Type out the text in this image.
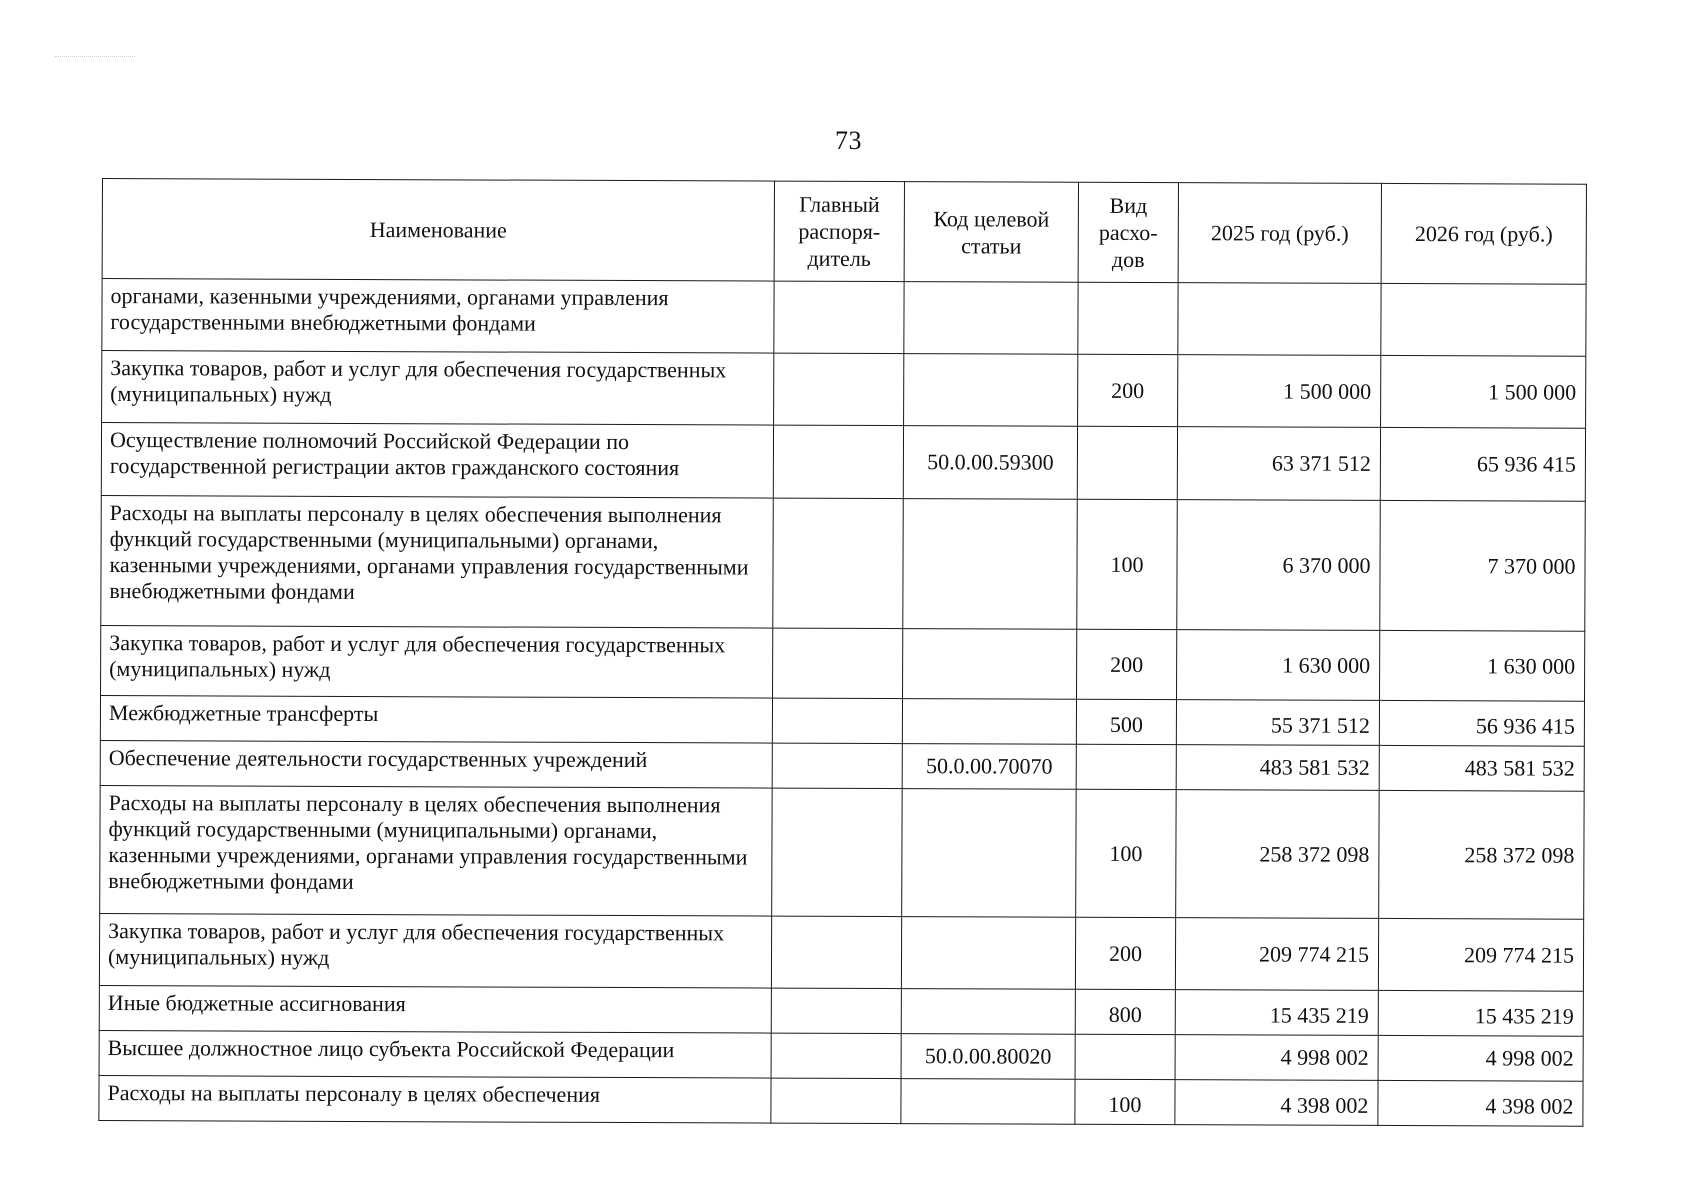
73
Наименование	Главный распоря-дитель	Код целевой статьи	Вид расхо-дов	2025 год (руб.)	2026 год (руб.)
органами, казенными учреждениями, органами управления государственными внебюджетными фондами					
Закупка товаров, работ и услуг для обеспечения государственных (муниципальных) нужд			200	1 500 000	1 500 000
Осуществление полномочий Российской Федерации по государственной регистрации актов гражданского состояния		50.0.00.59300		63 371 512	65 936 415
Расходы на выплаты персоналу в целях обеспечения выполнения функций государственными (муниципальными) органами, казенными учреждениями, органами управления государственными внебюджетными фондами			100	6 370 000	7 370 000
Закупка товаров, работ и услуг для обеспечения государственных (муниципальных) нужд			200	1 630 000	1 630 000
Межбюджетные трансферты			500	55 371 512	56 936 415
Обеспечение деятельности государственных учреждений		50.0.00.70070		483 581 532	483 581 532
Расходы на выплаты персоналу в целях обеспечения выполнения функций государственными (муниципальными) органами, казенными учреждениями, органами управления государственными внебюджетными фондами			100	258 372 098	258 372 098
Закупка товаров, работ и услуг для обеспечения государственных (муниципальных) нужд			200	209 774 215	209 774 215
Иные бюджетные ассигнования			800	15 435 219	15 435 219
Высшее должностное лицо субъекта Российской Федерации		50.0.00.80020		4 998 002	4 998 002
Расходы на выплаты персоналу в целях обеспечения			100	4 398 002	4 398 002
